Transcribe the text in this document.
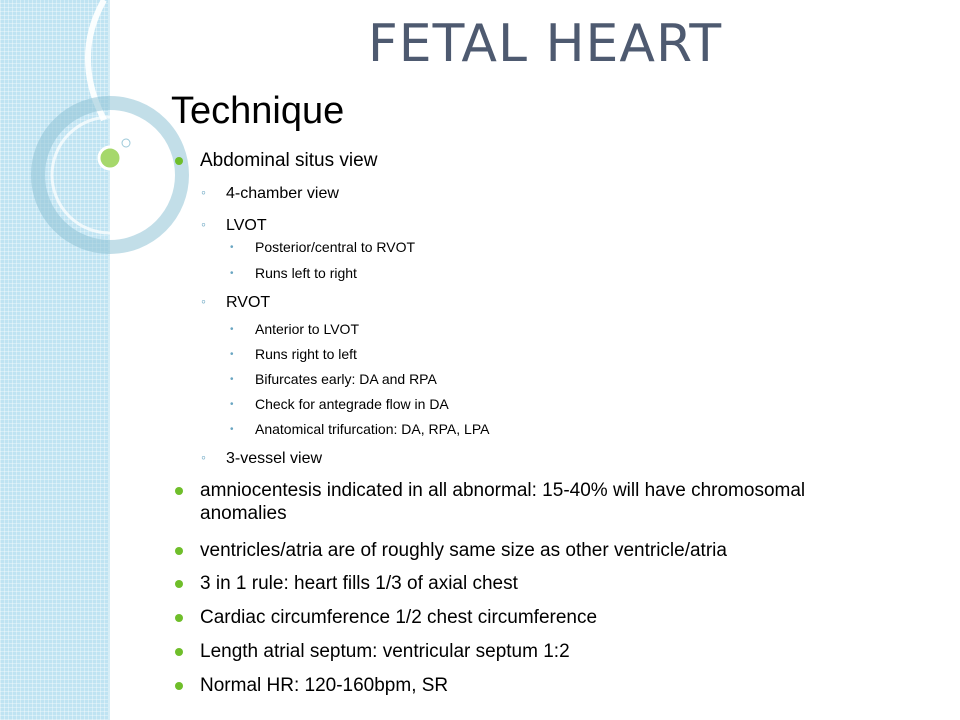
FETAL HEART
Technique
Abdominal situs view
◦ 4-chamber view
◦ LVOT
• Posterior/central to RVOT
• Runs left to right
◦ RVOT
• Anterior to LVOT
• Runs right to left
• Bifurcates early: DA and RPA
• Check for antegrade flow in DA
• Anatomical trifurcation: DA, RPA, LPA
◦ 3-vessel view
amniocentesis indicated in all abnormal: 15-40% will have chromosomal anomalies
ventricles/atria are of roughly same size as other ventricle/atria
3 in 1 rule: heart fills 1/3 of axial chest
Cardiac circumference 1/2 chest circumference
Length atrial septum: ventricular septum 1:2
Normal HR: 120-160bpm, SR
